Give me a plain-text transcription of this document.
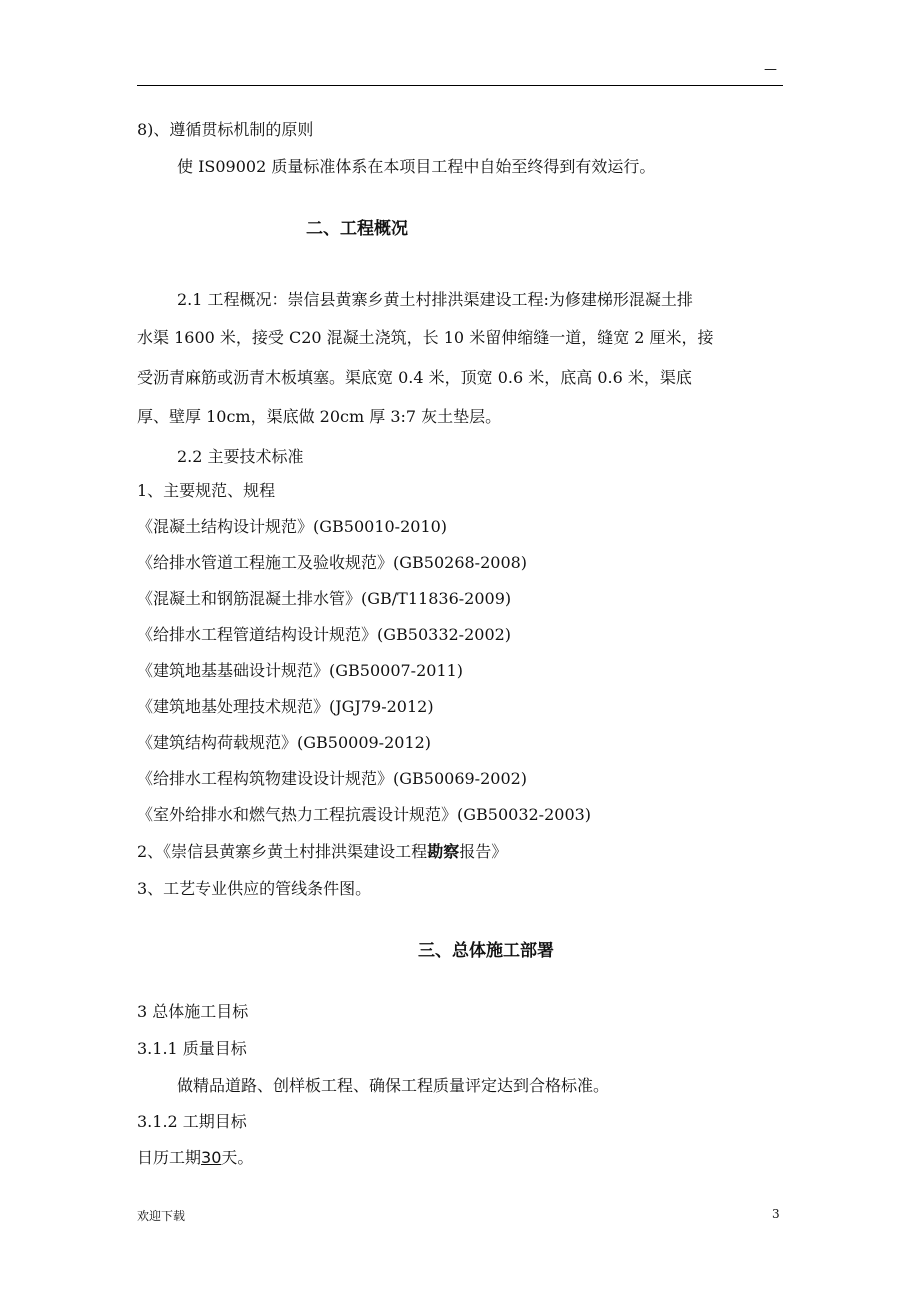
—
8)、遵循贯标机制的原则
使 IS09002 质量标准体系在本项目工程中自始至终得到有效运行。
二、工程概况
2.1 工程概况：崇信县黄寨乡黄土村排洪渠建设工程:为修建梯形混凝土排
水渠 1600 米，接受 C20 混凝土浇筑，长 10 米留伸缩缝一道，缝宽 2 厘米，接
受沥青麻筋或沥青木板填塞。渠底宽 0.4 米，顶宽 0.6 米，底高 0.6 米，渠底
厚、壁厚 10cm，渠底做 20cm 厚 3:7 灰土垫层。
2.2 主要技术标准
1、主要规范、规程
《混凝土结构设计规范》(GB50010-2010)
《给排水管道工程施工及验收规范》(GB50268-2008)
《混凝土和钢筋混凝土排水管》(GB/T11836-2009)
《给排水工程管道结构设计规范》(GB50332-2002)
《建筑地基基础设计规范》(GB50007-2011)
《建筑地基处理技术规范》(JGJ79-2012)
《建筑结构荷载规范》(GB50009-2012)
《给排水工程构筑物建设设计规范》(GB50069-2002)
《室外给排水和燃气热力工程抗震设计规范》(GB50032-2003)
2、《崇信县黄寨乡黄土村排洪渠建设工程勘察报告》
3、工艺专业供应的管线条件图。
三、总体施工部署
3 总体施工目标
3.1.1 质量目标
做精品道路、创样板工程、确保工程质量评定达到合格标准。
3.1.2 工期目标
日历工期30天。
欢迎下载	3
